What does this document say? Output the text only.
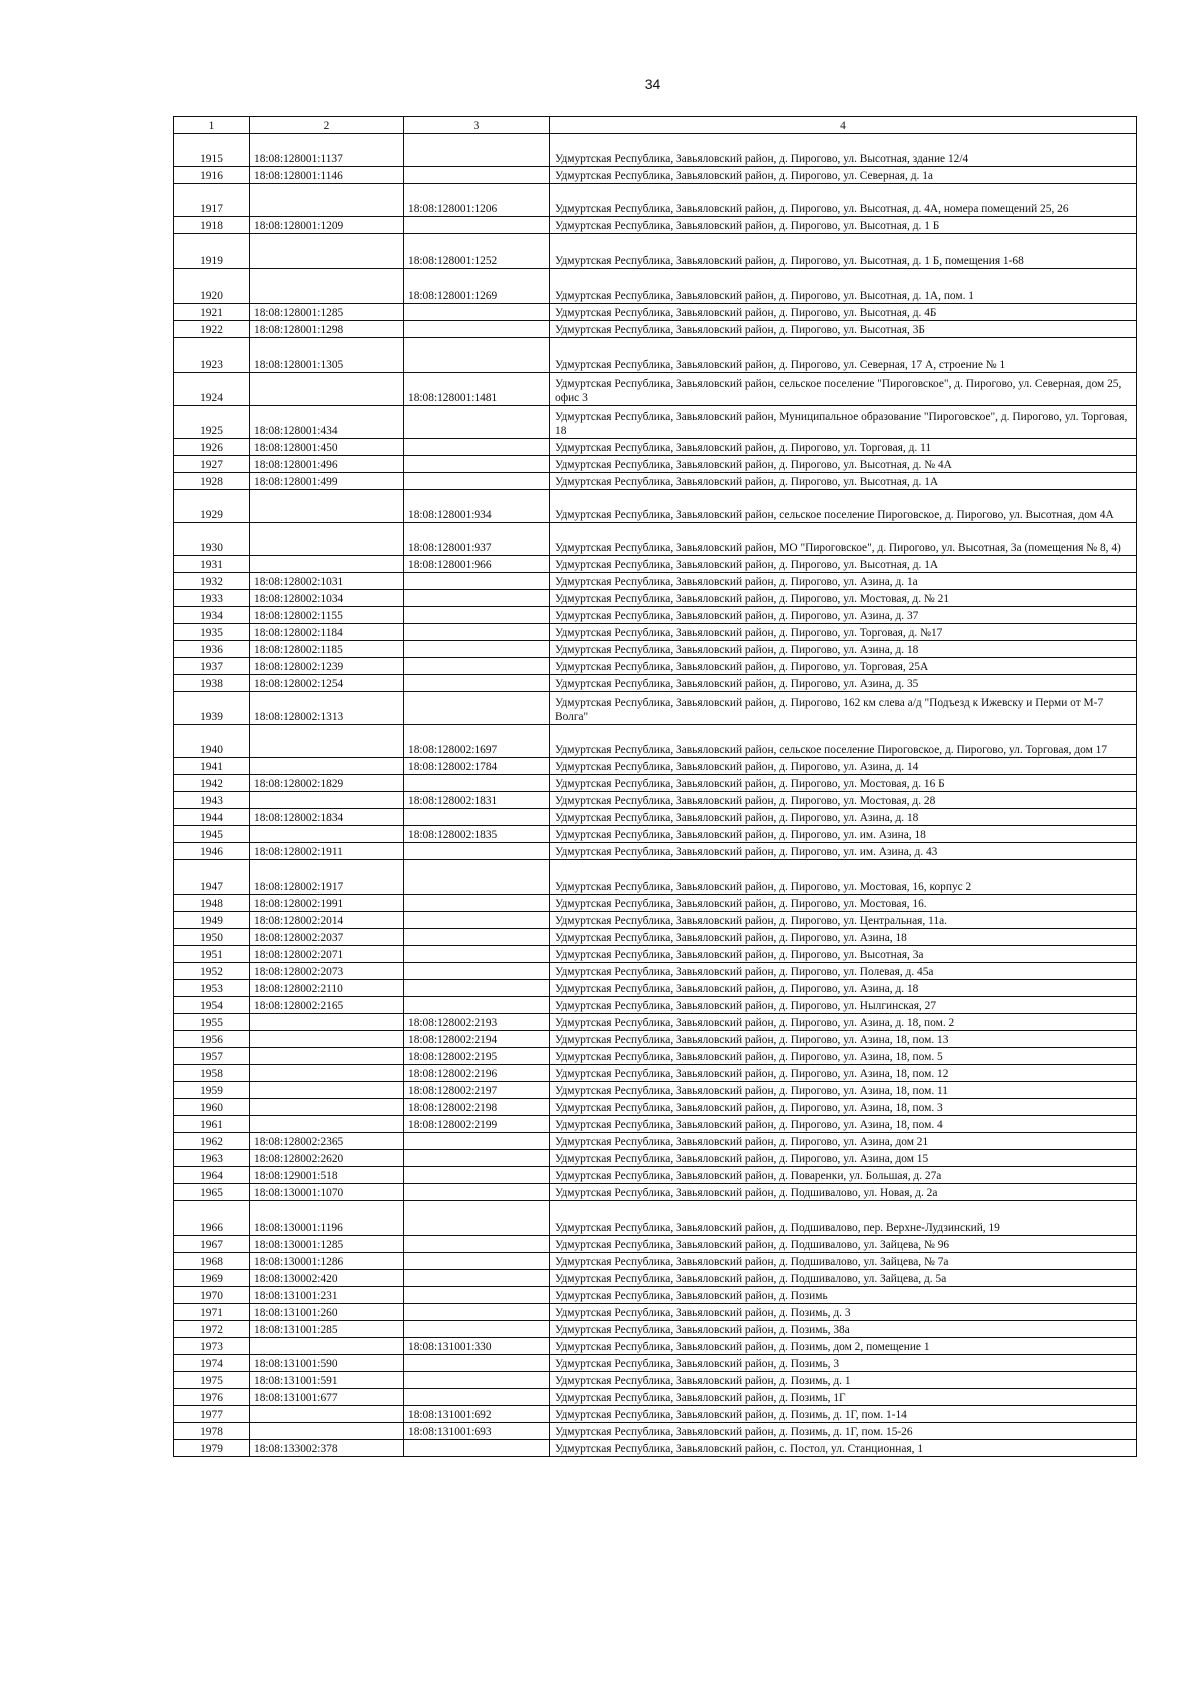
34
1	2	3	4
1915	18:08:128001:1137		Удмуртская Республика, Завьяловский район, д. Пирогово, ул. Высотная, здание 12/4
1916	18:08:128001:1146		Удмуртская Республика, Завьяловский район, д. Пирогово, ул. Северная, д. 1а
1917		18:08:128001:1206	Удмуртская Республика, Завьяловский район, д. Пирогово, ул. Высотная, д. 4А, номера помещений 25, 26
1918	18:08:128001:1209		Удмуртская Республика, Завьяловский район, д. Пирогово, ул. Высотная, д. 1 Б
1919		18:08:128001:1252	Удмуртская Республика, Завьяловский район, д. Пирогово, ул. Высотная, д. 1 Б, помещения 1-68
1920		18:08:128001:1269	Удмуртская Республика, Завьяловский район, д. Пирогово, ул. Высотная, д. 1А, пом. 1
1921	18:08:128001:1285		Удмуртская Республика, Завьяловский район, д. Пирогово, ул. Высотная, д. 4Б
1922	18:08:128001:1298		Удмуртская Республика, Завьяловский район, д. Пирогово, ул. Высотная, 3Б
1923	18:08:128001:1305		Удмуртская Республика, Завьяловский район, д. Пирогово, ул. Северная, 17 А, строение № 1
1924		18:08:128001:1481	Удмуртская Республика, Завьяловский район, сельское поселение "Пироговское", д. Пирогово, ул. Северная, дом 25, офис 3
1925	18:08:128001:434		Удмуртская Республика, Завьяловский район, Муниципальное образование "Пироговское", д. Пирогово, ул. Торговая, 18
1926	18:08:128001:450		Удмуртская Республика, Завьяловский район, д. Пирогово, ул. Торговая, д. 11
1927	18:08:128001:496		Удмуртская Республика, Завьяловский район, д. Пирогово, ул. Высотная, д. № 4А
1928	18:08:128001:499		Удмуртская Республика, Завьяловский район, д. Пирогово, ул. Высотная, д. 1А
1929		18:08:128001:934	Удмуртская Республика, Завьяловский район, сельское поселение Пироговское, д. Пирогово, ул. Высотная, дом 4А
1930		18:08:128001:937	Удмуртская Республика, Завьяловский район, МО "Пироговское", д. Пирогово, ул. Высотная, 3а (помещения № 8, 4)
1931		18:08:128001:966	Удмуртская Республика, Завьяловский район, д. Пирогово, ул. Высотная, д. 1А
1932	18:08:128002:1031		Удмуртская Республика, Завьяловский район, д. Пирогово, ул. Азина, д. 1а
1933	18:08:128002:1034		Удмуртская Республика, Завьяловский район, д. Пирогово, ул. Мостовая, д. № 21
1934	18:08:128002:1155		Удмуртская Республика, Завьяловский район, д. Пирогово, ул. Азина, д. 37
1935	18:08:128002:1184		Удмуртская Республика, Завьяловский район, д. Пирогово, ул. Торговая, д. №17
1936	18:08:128002:1185		Удмуртская Республика, Завьяловский район, д. Пирогово, ул. Азина, д. 18
1937	18:08:128002:1239		Удмуртская Республика, Завьяловский район, д. Пирогово, ул. Торговая, 25А
1938	18:08:128002:1254		Удмуртская Республика, Завьяловский район, д. Пирогово, ул. Азина, д. 35
1939	18:08:128002:1313		Удмуртская Республика, Завьяловский район, д. Пирогово, 162 км слева а/д "Подъезд к Ижевску и Перми от М-7 Волга"
1940		18:08:128002:1697	Удмуртская Республика, Завьяловский район, сельское поселение Пироговское, д. Пирогово, ул. Торговая, дом 17
1941		18:08:128002:1784	Удмуртская Республика, Завьяловский район, д. Пирогово, ул. Азина, д. 14
1942	18:08:128002:1829		Удмуртская Республика, Завьяловский район, д. Пирогово, ул. Мостовая, д. 16 Б
1943		18:08:128002:1831	Удмуртская Республика, Завьяловский район, д. Пирогово, ул. Мостовая, д. 28
1944	18:08:128002:1834		Удмуртская Республика, Завьяловский район, д. Пирогово, ул. Азина, д. 18
1945		18:08:128002:1835	Удмуртская Республика, Завьяловский район, д. Пирогово, ул. им. Азина, 18
1946	18:08:128002:1911		Удмуртская Республика, Завьяловский район, д. Пирогово, ул. им. Азина, д. 43
1947	18:08:128002:1917		Удмуртская Республика, Завьяловский район, д. Пирогово, ул. Мостовая, 16, корпус 2
1948	18:08:128002:1991		Удмуртская Республика, Завьяловский район, д. Пирогово, ул. Мостовая, 16.
1949	18:08:128002:2014		Удмуртская Республика, Завьяловский район, д. Пирогово, ул. Центральная, 11а.
1950	18:08:128002:2037		Удмуртская Республика, Завьяловский район, д. Пирогово, ул. Азина, 18
1951	18:08:128002:2071		Удмуртская Республика, Завьяловский район, д. Пирогово, ул. Высотная, 3а
1952	18:08:128002:2073		Удмуртская Республика, Завьяловский район, д. Пирогово, ул. Полевая, д. 45а
1953	18:08:128002:2110		Удмуртская Республика, Завьяловский район, д. Пирогово, ул. Азина, д. 18
1954	18:08:128002:2165		Удмуртская Республика, Завьяловский район, д. Пирогово, ул. Нылгинская, 27
1955		18:08:128002:2193	Удмуртская Республика, Завьяловский район, д. Пирогово, ул. Азина, д. 18, пом. 2
1956		18:08:128002:2194	Удмуртская Республика, Завьяловский район, д. Пирогово, ул. Азина, 18, пом. 13
1957		18:08:128002:2195	Удмуртская Республика, Завьяловский район, д. Пирогово, ул. Азина, 18, пом. 5
1958		18:08:128002:2196	Удмуртская Республика, Завьяловский район, д. Пирогово, ул. Азина, 18, пом. 12
1959		18:08:128002:2197	Удмуртская Республика, Завьяловский район, д. Пирогово, ул. Азина, 18, пом. 11
1960		18:08:128002:2198	Удмуртская Республика, Завьяловский район, д. Пирогово, ул. Азина, 18, пом. 3
1961		18:08:128002:2199	Удмуртская Республика, Завьяловский район, д. Пирогово, ул. Азина, 18, пом. 4
1962	18:08:128002:2365		Удмуртская Республика, Завьяловский район, д. Пирогово, ул. Азина, дом 21
1963	18:08:128002:2620		Удмуртская Республика, Завьяловский район, д. Пирогово, ул. Азина, дом 15
1964	18:08:129001:518		Удмуртская Республика, Завьяловский район, д. Поваренки, ул. Большая, д. 27а
1965	18:08:130001:1070		Удмуртская Республика, Завьяловский район, д. Подшивалово, ул. Новая, д. 2а
1966	18:08:130001:1196		Удмуртская Республика, Завьяловский район, д. Подшивалово, пер. Верхне-Лудзинский, 19
1967	18:08:130001:1285		Удмуртская Республика, Завьяловский район, д. Подшивалово, ул. Зайцева, № 96
1968	18:08:130001:1286		Удмуртская Республика, Завьяловский район, д. Подшивалово, ул. Зайцева, № 7а
1969	18:08:130002:420		Удмуртская Республика, Завьяловский район, д. Подшивалово, ул. Зайцева, д. 5а
1970	18:08:131001:231		Удмуртская Республика, Завьяловский район, д. Позимь
1971	18:08:131001:260		Удмуртская Республика, Завьяловский район, д. Позимь, д. 3
1972	18:08:131001:285		Удмуртская Республика, Завьяловский район, д. Позимь, 38а
1973		18:08:131001:330	Удмуртская Республика, Завьяловский район, д. Позимь, дом 2, помещение 1
1974	18:08:131001:590		Удмуртская Республика, Завьяловский район, д. Позимь, 3
1975	18:08:131001:591		Удмуртская Республика, Завьяловский район, д. Позимь, д. 1
1976	18:08:131001:677		Удмуртская Республика, Завьяловский район, д. Позимь, 1Г
1977		18:08:131001:692	Удмуртская Республика, Завьяловский район, д. Позимь, д. 1Г, пом. 1-14
1978		18:08:131001:693	Удмуртская Республика, Завьяловский район, д. Позимь, д. 1Г, пом. 15-26
1979	18:08:133002:378		Удмуртская Республика, Завьяловский район, с. Постол, ул. Станционная, 1
